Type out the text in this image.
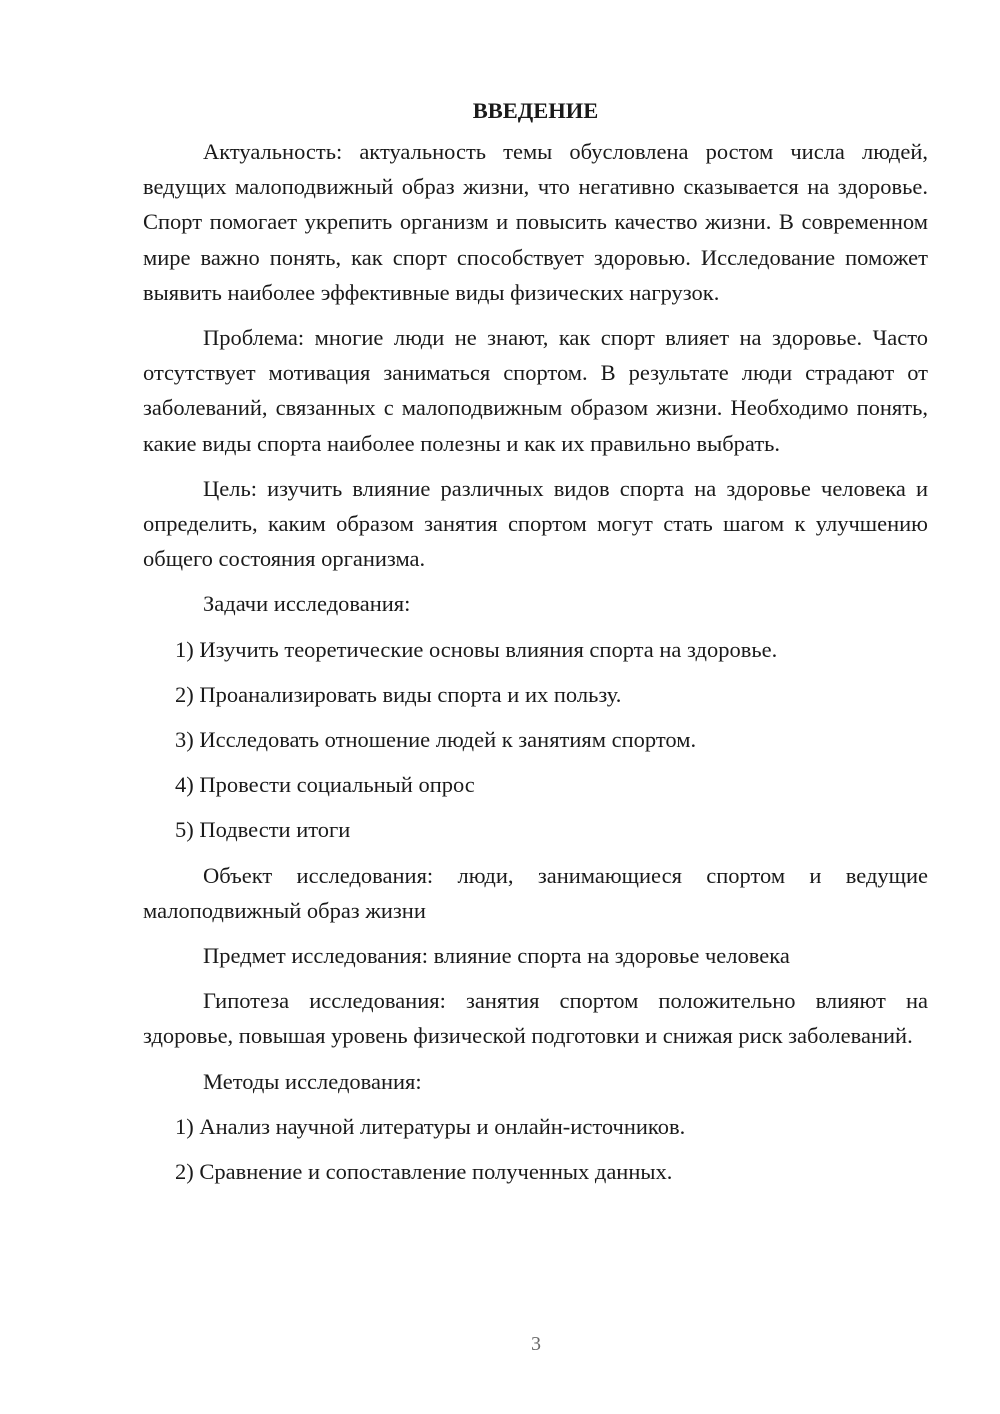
ВВЕДЕНИЕ

Актуальность: актуальность темы обусловлена ростом числа людей, ведущих малоподвижный образ жизни, что негативно сказывается на здоровье. Спорт помогает укрепить организм и повысить качество жизни. В современном мире важно понять, как спорт способствует здоровью. Исследование поможет выявить наиболее эффективные виды физических нагрузок.

Проблема: многие люди не знают, как спорт влияет на здоровье. Часто отсутствует мотивация заниматься спортом. В результате люди страдают от заболеваний, связанных с малоподвижным образом жизни. Необходимо понять, какие виды спорта наиболее полезны и как их правильно выбрать.

Цель: изучить влияние различных видов спорта на здоровье человека и определить, каким образом занятия спортом могут стать шагом к улучшению общего состояния организма.

Задачи исследования:

1) Изучить теоретические основы влияния спорта на здоровье.

2) Проанализировать виды спорта и их пользу.

3) Исследовать отношение людей к занятиям спортом.

4) Провести социальный опрос

5) Подвести итоги

Объект исследования: люди, занимающиеся спортом и ведущие малоподвижный образ жизни

Предмет исследования: влияние спорта на здоровье человека

Гипотеза исследования: занятия спортом положительно влияют на здоровье, повышая уровень физической подготовки и снижая риск заболеваний.

Методы исследования:

1) Анализ научной литературы и онлайн-источников.

2) Сравнение и сопоставление полученных данных.

3
